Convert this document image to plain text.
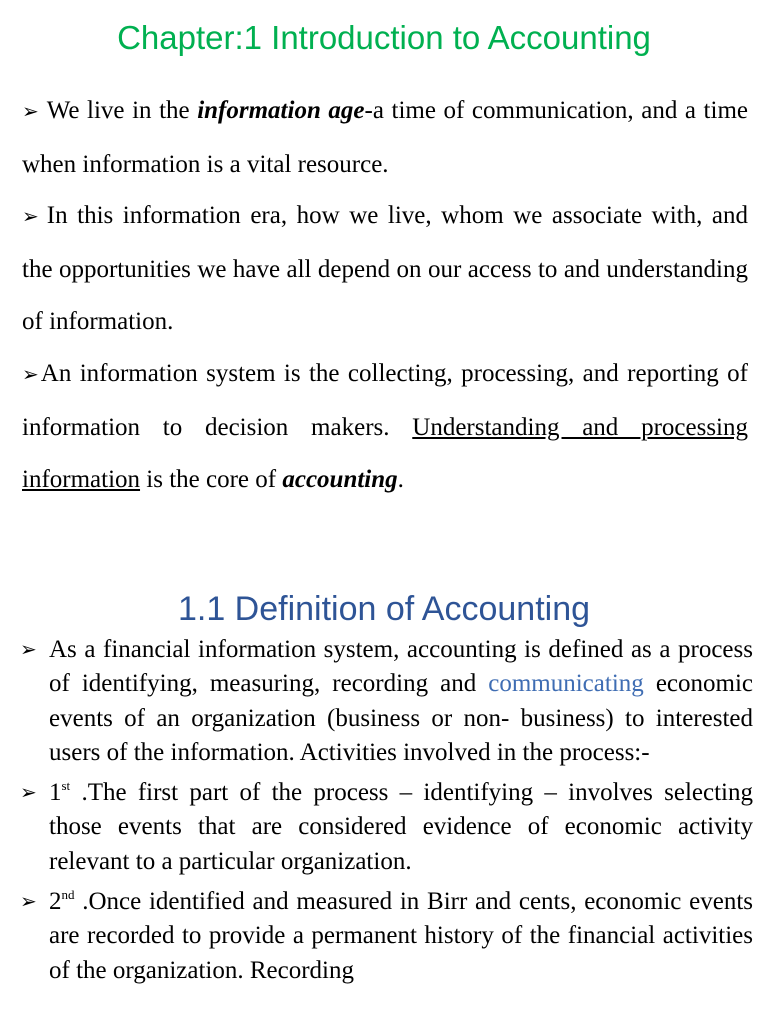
Chapter:1 Introduction to Accounting
➢ We live in the information age-a time of communication, and a time when information is a vital resource.
➢ In this information era, how we live, whom we associate with, and the opportunities we have all depend on our access to and understanding of information.
➢An information system is the collecting, processing, and reporting of information to decision makers. Understanding and processing information is the core of accounting.
1.1 Definition of Accounting
➢ As a financial information system, accounting is defined as a process of identifying, measuring, recording and communicating economic events of an organization (business or non- business) to interested users of the information. Activities involved in the process:-
➢ 1st .The first part of the process – identifying – involves selecting those events that are considered evidence of economic activity relevant to a particular organization.
➢ 2nd .Once identified and measured in Birr and cents, economic events are recorded to provide a permanent history of the financial activities of the organization. Recording
